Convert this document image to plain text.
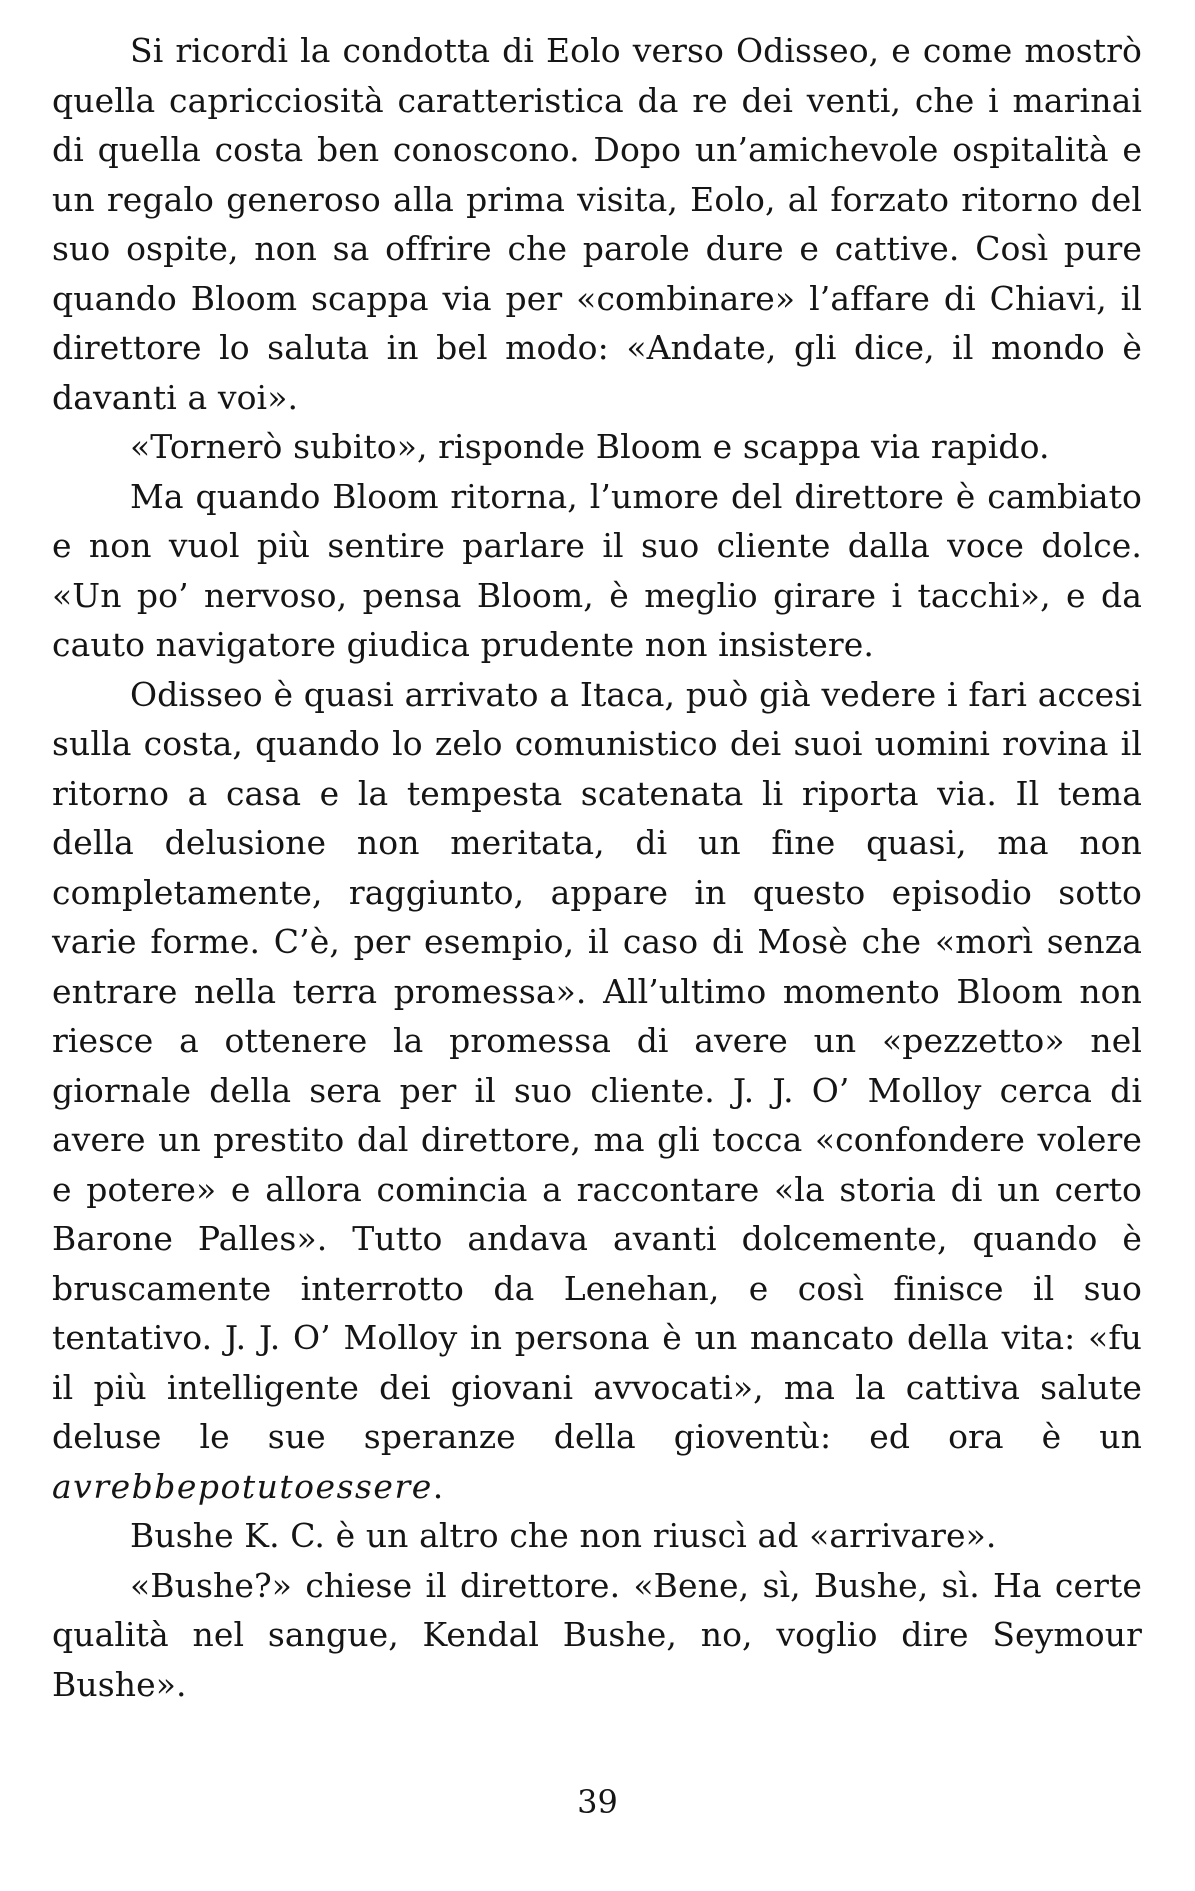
Si ricordi la condotta di Eolo verso Odisseo, e come mostrò quella capricciosità caratteristica da re dei venti, che i marinai di quella costa ben conoscono. Dopo un’amichevole ospitalità e un regalo generoso alla prima visita, Eolo, al forzato ritorno del suo ospite, non sa offrire che parole dure e cattive. Così pure quando Bloom scappa via per «combinare» l’affare di Chiavi, il direttore lo saluta in bel modo: «Andate, gli dice, il mondo è davanti a voi».

«Tornerò subito», risponde Bloom e scappa via rapido.

Ma quando Bloom ritorna, l’umore del direttore è cambiato e non vuol più sentire parlare il suo cliente dalla voce dolce. «Un po’ nervoso, pensa Bloom, è meglio girare i tacchi», e da cauto navigatore giudica prudente non insistere.

Odisseo è quasi arrivato a Itaca, può già vedere i fari accesi sulla costa, quando lo zelo comunistico dei suoi uomini rovina il ritorno a casa e la tempesta scatenata li riporta via. Il tema della delusione non meritata, di un fine quasi, ma non completamente, raggiunto, appare in questo episodio sotto varie forme. C’è, per esempio, il caso di Mosè che «morì senza entrare nella terra promessa». All’ultimo momento Bloom non riesce a ottenere la promessa di avere un «pezzetto» nel giornale della sera per il suo cliente. J. J. O’ Molloy cerca di avere un prestito dal direttore, ma gli tocca «confondere volere e potere» e allora comincia a raccontare «la storia di un certo Barone Palles». Tutto andava avanti dolcemente, quando è bruscamente interrotto da Lenehan, e così finisce il suo tentativo. J. J. O’ Molloy in persona è un mancato della vita: «fu il più intelligente dei giovani avvocati», ma la cattiva salute deluse le sue speranze della gioventù: ed ora è un avrebbepotutoessere.

Bushe K. C. è un altro che non riuscì ad «arrivare».

«Bushe?» chiese il direttore. «Bene, sì, Bushe, sì. Ha certe qualità nel sangue, Kendal Bushe, no, voglio dire Seymour Bushe».

39
